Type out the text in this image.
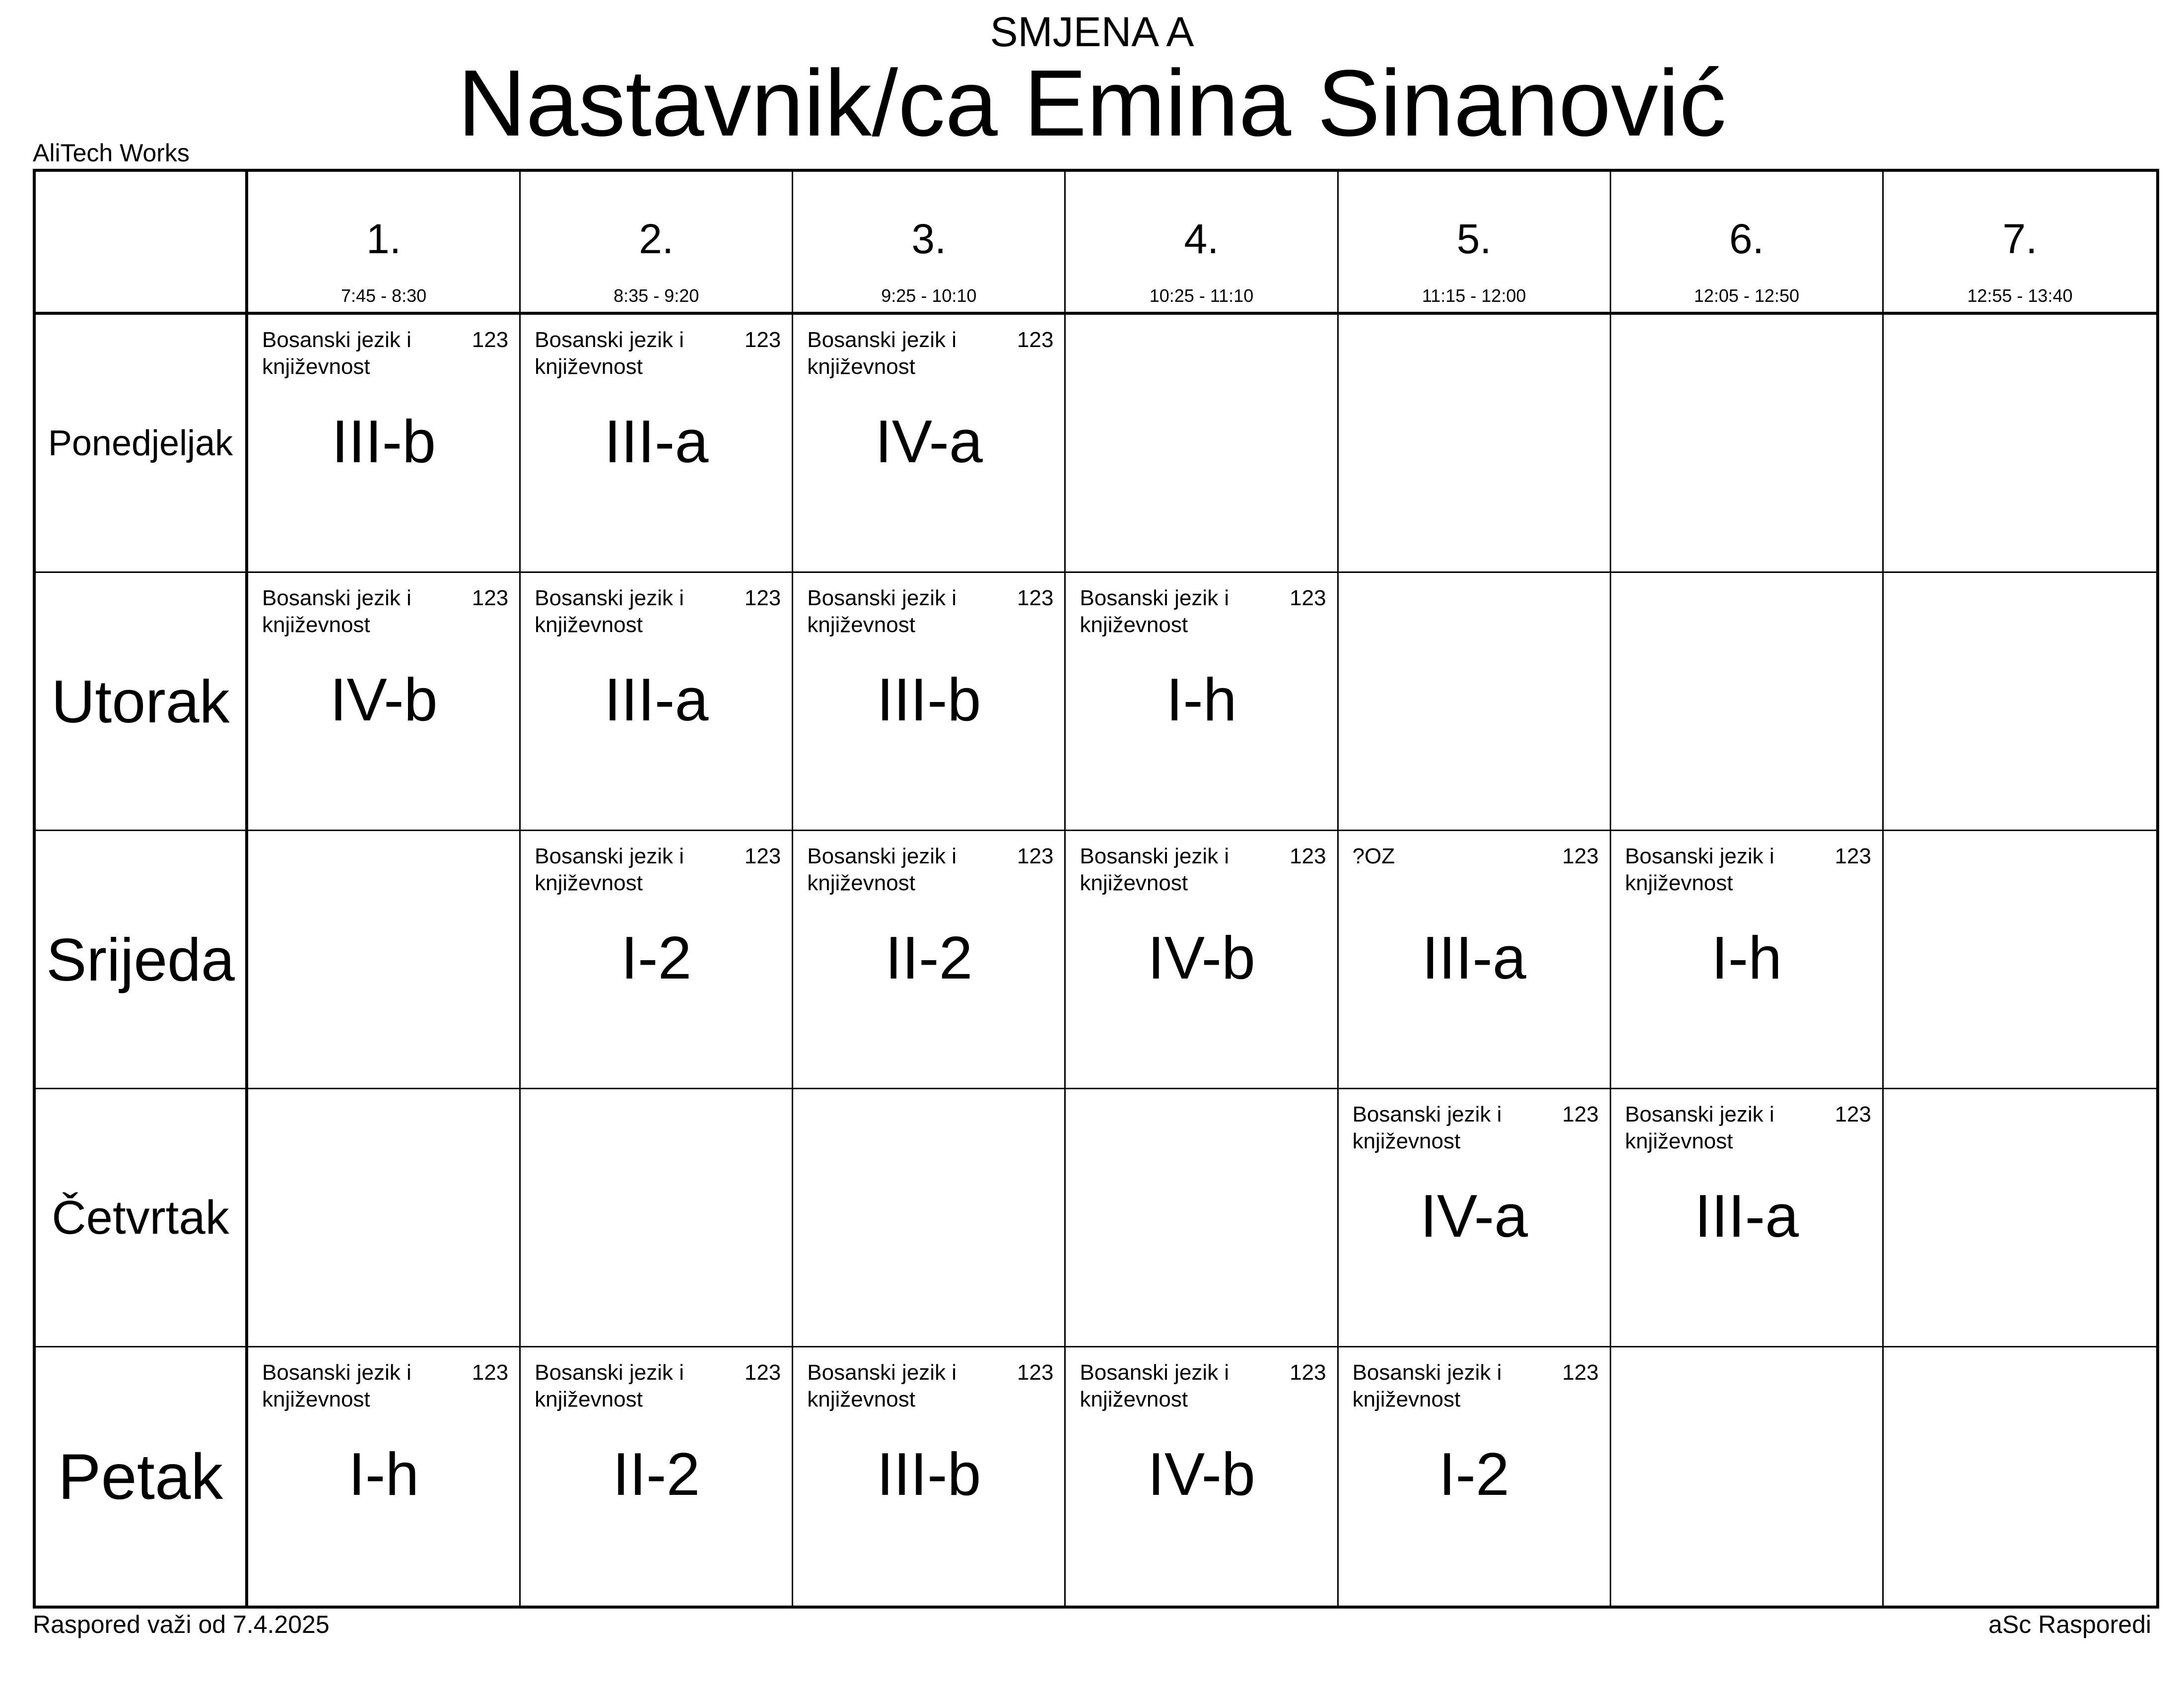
SMJENA A
Nastavnik/ca Emina Sinanović
AliTech Works
1.
7:45 - 8:30
2.
8:35 - 9:20
3.
9:25 - 10:10
4.
10:25 - 11:10
5.
11:15 - 12:00
6.
12:05 - 12:50
7.
12:55 - 13:40
Ponedjeljak
Bosanski jezik i književnost
123
III-b
Bosanski jezik i književnost
123
III-a
Bosanski jezik i književnost
123
IV-a
Utorak
Bosanski jezik i književnost
123
IV-b
Bosanski jezik i književnost
123
III-a
Bosanski jezik i književnost
123
III-b
Bosanski jezik i književnost
123
I-h
Srijeda
Bosanski jezik i književnost
123
I-2
Bosanski jezik i književnost
123
II-2
Bosanski jezik i književnost
123
IV-b
?OZ	123
III-a
Bosanski jezik i književnost
123
I-h
Četvrtak
Bosanski jezik i književnost
123
IV-a
Bosanski jezik i književnost
123
III-a
Petak
Bosanski jezik i književnost
123
I-h
Bosanski jezik i književnost
123
II-2
Bosanski jezik i književnost
123
III-b
Bosanski jezik i književnost
123
IV-b
Bosanski jezik i književnost
123
I-2
Raspored važi od 7.4.2025	aSc Rasporedi
